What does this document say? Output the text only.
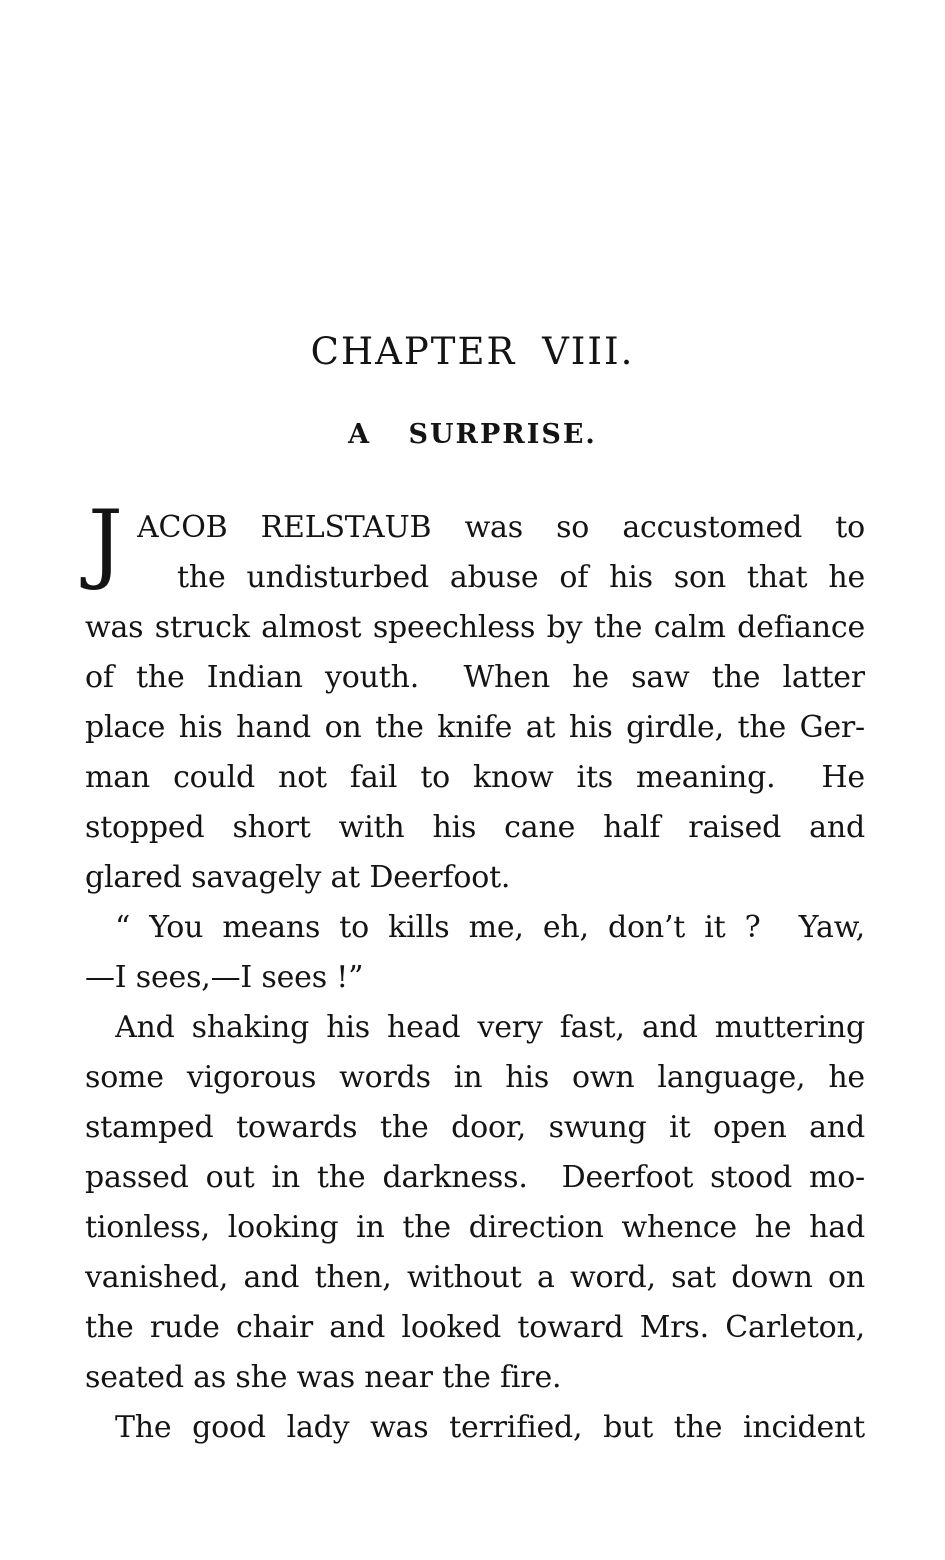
CHAPTER VIII.
A SURPRISE.
J ACOB RELSTAUB was so accustomed to
the undisturbed abuse of his son that he
was struck almost speechless by the calm defiance
of the Indian youth.  When he saw the latter
place his hand on the knife at his girdle, the Ger-
man could not fail to know its meaning.  He
stopped short with his cane half raised and
glared savagely at Deerfoot.
“ You means to kills me, eh, don’t it ?  Yaw,
—I sees,—I sees !”
And shaking his head very fast, and muttering
some vigorous words in his own language, he
stamped towards the door, swung it open and
passed out in the darkness.  Deerfoot stood mo-
tionless, looking in the direction whence he had
vanished, and then, without a word, sat down on
the rude chair and looked toward Mrs. Carleton,
seated as she was near the fire.
The good lady was terrified, but the incident
